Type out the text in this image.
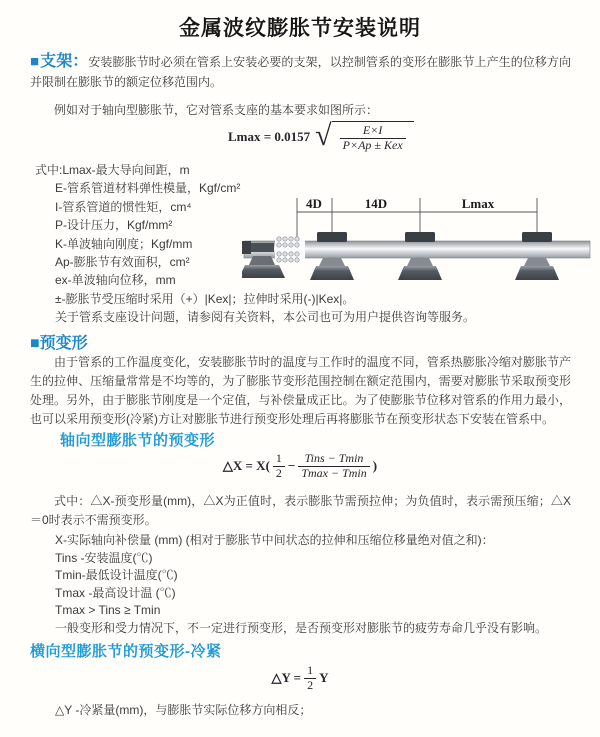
金属波纹膨胀节安装说明
■支架：安装膨胀节时必须在管系上安装必要的支架，以控制管系的变形在膨胀节上产生的位移方向并限制在膨胀节的额定位移范围内。
例如对于轴向型膨胀节，它对管系支座的基本要求如图所示：
Lmax = 0.0157 √ $\frac{E\times I}{\text{P×Ap ± Kex}}$
式中:Lmax-最大导向间距，m
E-管系管道材料弹性模量，Kgf/cm²
I-管系管道的惯性矩，cm⁴
P-设计压力，Kgf/mm²
K-单波轴向刚度；Kgf/mm
Ap-膨胀节有效面积，cm²
ex-单波轴向位移，mm
±-膨胀节受压缩时采用（+）|Kex|；拉伸时采用(-)|Kex|。
关于管系支座设计问题，请参阅有关资料，本公司也可为用户提供咨询等服务。
4D	14D	Lmax
■预变形
由于管系的工作温度变化，安装膨胀节时的温度与工作时的温度不同，管系热膨胀冷缩对膨胀节产生的拉伸、压缩量常常是不均等的，为了膨胀节变形范围控制在额定范围内，需要对膨胀节采取预变形处理。另外，由于膨胀节刚度是一个定值，与补偿量成正比。为了使膨胀节位移对管系的作用力最小，也可以采用预变形(冷紧)方让对膨胀节进行预变形处理后再将膨胀节在预变形状态下安装在管系中。
轴向型膨胀节的预变形
△X = $X( \frac{1}{2} - \frac{\text{Tins − Tmin}}{Tmax - Tmin}$ )
式中：△X-预变形量(mm)，△X为正值时，表示膨胀节需预拉伸；为负值时，表示需预压缩；△X＝0时表示不需预变形。
X-实际轴向补偿量 (mm) (相对于膨胀节中间状态的拉伸和压缩位移量绝对值之和)：
Tins -安装温度(℃)
Tmin-最低设计温度(℃)
Tmax -最高设计温 (℃)
Tmax > Tins ≥ Tmin
一般变形和受力情况下，不一定进行预变形，是否预变形对膨胀节的疲劳寿命几乎没有影响。
横向型膨胀节的预变形-冷紧
△Y = $\frac{1}{2}$ Y
△Y -冷紧量(mm)，与膨胀节实际位移方向相反；
